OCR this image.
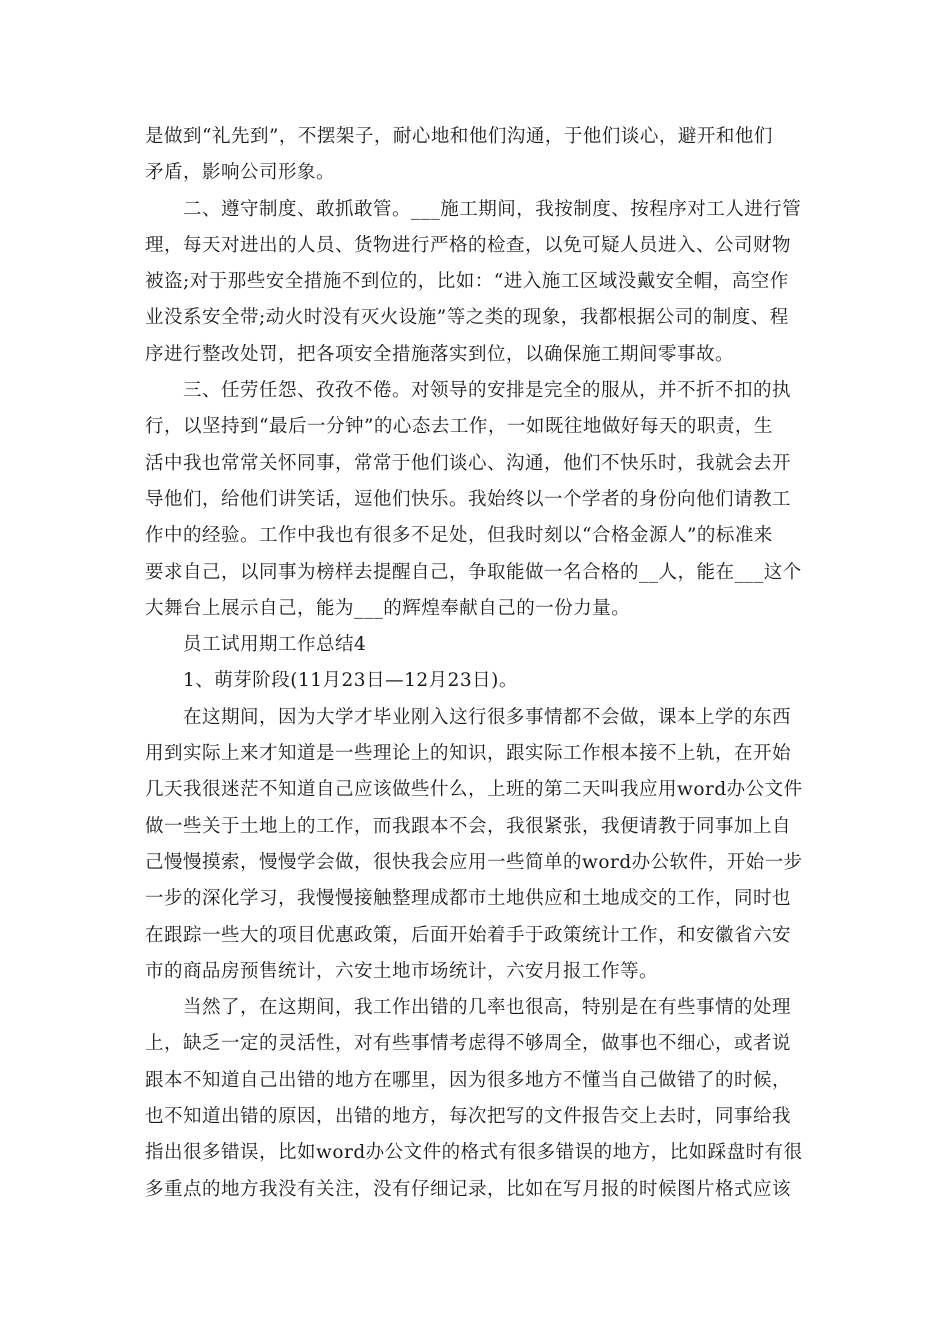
是做到“礼先到”，不摆架子，耐心地和他们沟通，于他们谈心，避开和他们
矛盾，影响公司形象。
二、遵守制度、敢抓敢管。___施工期间，我按制度、按程序对工人进行管
理，每天对进出的人员、货物进行严格的检查，以免可疑人员进入、公司财物
被盗;对于那些安全措施不到位的，比如：“进入施工区域没戴安全帽，高空作
业没系安全带;动火时没有灭火设施”等之类的现象，我都根据公司的制度、程
序进行整改处罚，把各项安全措施落实到位，以确保施工期间零事故。
三、任劳任怨、孜孜不倦。对领导的安排是完全的服从，并不折不扣的执
行，以坚持到“最后一分钟”的心态去工作，一如既往地做好每天的职责，生
活中我也常常关怀同事，常常于他们谈心、沟通，他们不快乐时，我就会去开
导他们，给他们讲笑话，逗他们快乐。我始终以一个学者的身份向他们请教工
作中的经验。工作中我也有很多不足处，但我时刻以“合格金源人”的标准来
要求自己，以同事为榜样去提醒自己，争取能做一名合格的__人，能在___这个
大舞台上展示自己，能为___的辉煌奉献自己的一份力量。
员工试用期工作总结4
1、萌芽阶段(11月23日—12月23日)。
在这期间，因为大学才毕业刚入这行很多事情都不会做，课本上学的东西
用到实际上来才知道是一些理论上的知识，跟实际工作根本接不上轨，在开始
几天我很迷茫不知道自己应该做些什么，上班的第二天叫我应用word办公文件
做一些关于土地上的工作，而我跟本不会，我很紧张，我便请教于同事加上自
己慢慢摸索，慢慢学会做，很快我会应用一些简单的word办公软件，开始一步
一步的深化学习，我慢慢接触整理成都市土地供应和土地成交的工作，同时也
在跟踪一些大的项目优惠政策，后面开始着手于政策统计工作，和安徽省六安
市的商品房预售统计，六安土地市场统计，六安月报工作等。
当然了，在这期间，我工作出错的几率也很高，特别是在有些事情的处理
上，缺乏一定的灵活性，对有些事情考虑得不够周全，做事也不细心，或者说
跟本不知道自己出错的地方在哪里，因为很多地方不懂当自己做错了的时候，
也不知道出错的原因，出错的地方，每次把写的文件报告交上去时，同事给我
指出很多错误，比如word办公文件的格式有很多错误的地方，比如踩盘时有很
多重点的地方我没有关注，没有仔细记录，比如在写月报的时候图片格式应该
